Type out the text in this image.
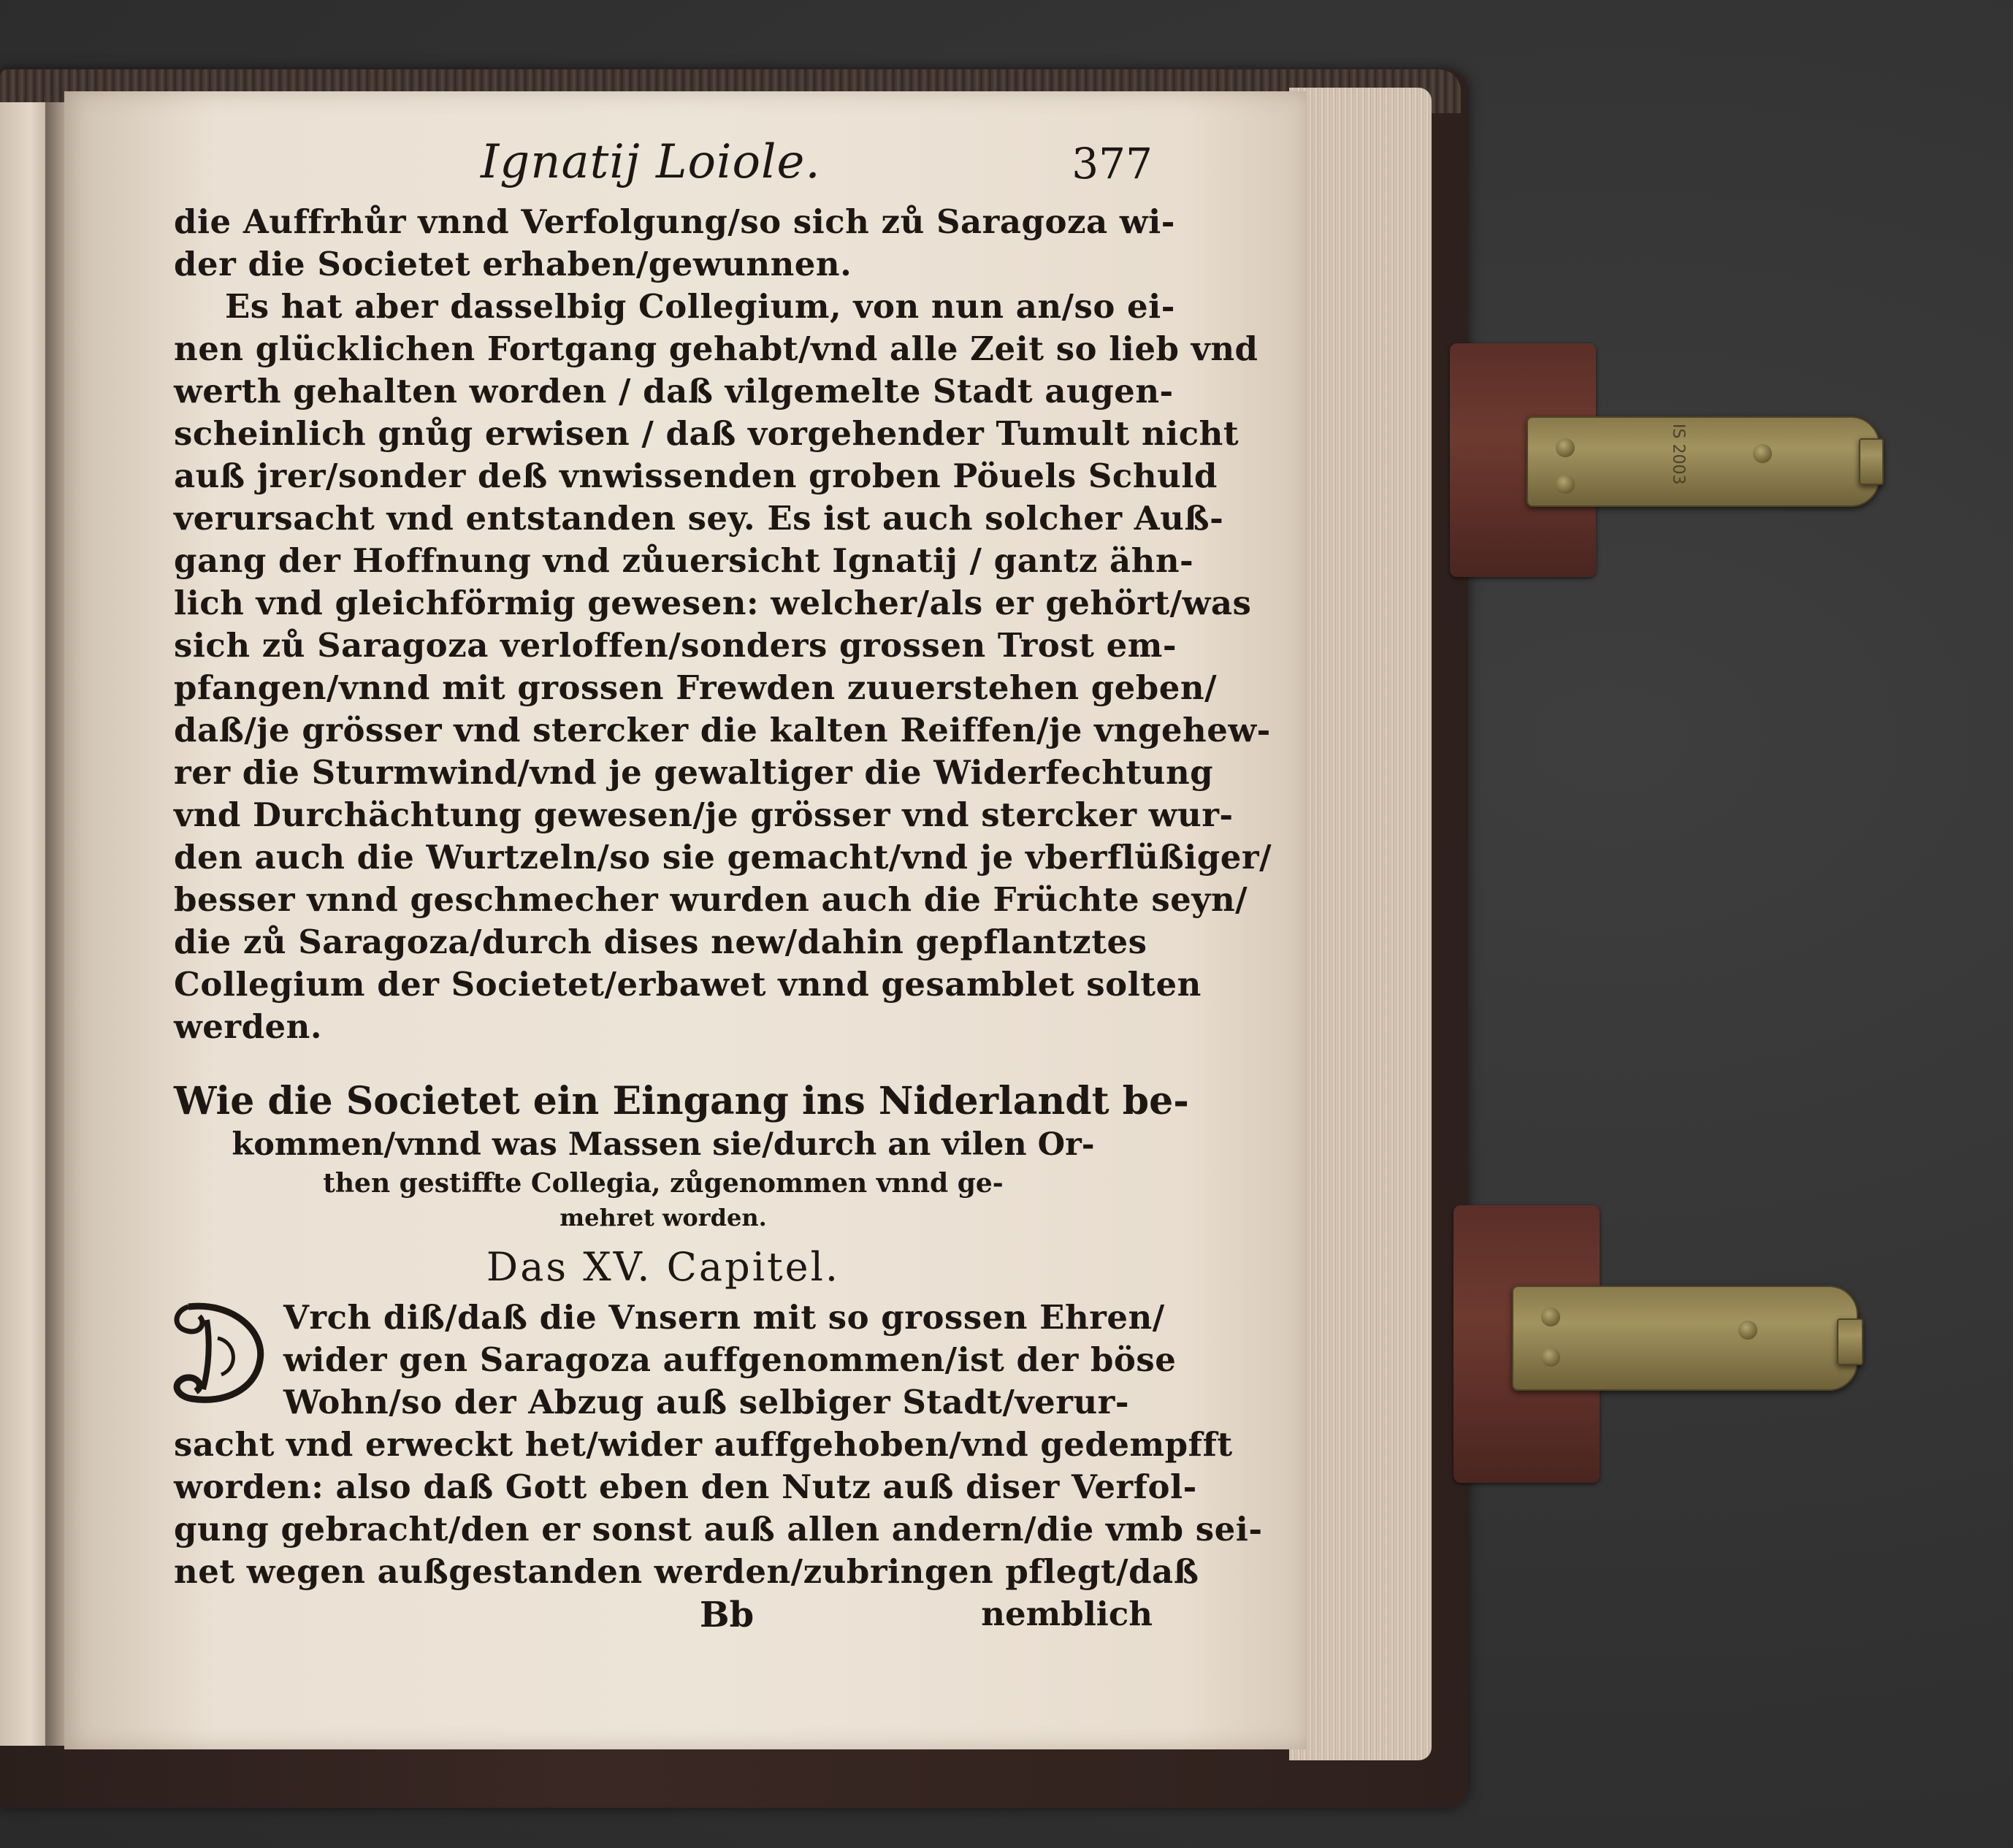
IS 2003
Ignatij Loiole.	377
die Auffrhůr vnnd Verfolgung/so sich zů Saragoza wi-
der die Societet erhaben/gewunnen.
Es hat aber dasselbig Collegium, von nun an/so ei-
nen glücklichen Fortgang gehabt/vnd alle Zeit so lieb vnd
werth gehalten worden / daß vilgemelte Stadt augen-
scheinlich gnůg erwisen / daß vorgehender Tumult nicht
auß jrer/sonder deß vnwissenden groben Pöuels Schuld
verursacht vnd entstanden sey. Es ist auch solcher Auß-
gang der Hoffnung vnd zůuersicht Ignatij / gantz ähn-
lich vnd gleichförmig gewesen: welcher/als er gehört/was
sich zů Saragoza verloffen/sonders grossen Trost em-
pfangen/vnnd mit grossen Frewden zuuerstehen geben/
daß/je grösser vnd stercker die kalten Reiffen/je vngehew-
rer die Sturmwind/vnd je gewaltiger die Widerfechtung
vnd Durchächtung gewesen/je grösser vnd stercker wur-
den auch die Wurtzeln/so sie gemacht/vnd je vberflüßiger/
besser vnnd geschmecher wurden auch die Früchte seyn/
die zů Saragoza/durch dises new/dahin gepflantztes
Collegium der Societet/erbawet vnnd gesamblet solten
werden.
Wie die Societet ein Eingang ins Niderlandt be-
kommen/vnnd was Massen sie/durch an vilen Or-
then gestiffte Collegia, zůgenommen vnnd ge-
mehret worden.
Das XV. Capitel.
Vrch diß/daß die Vnsern mit so grossen Ehren/
wider gen Saragoza auffgenommen/ist der böse
Wohn/so der Abzug auß selbiger Stadt/verur-
sacht vnd erweckt het/wider auffgehoben/vnd gedempfft
worden: also daß Gott eben den Nutz auß diser Verfol-
gung gebracht/den er sonst auß allen andern/die vmb sei-
net wegen außgestanden werden/zubringen pflegt/daß
Bb	nemblich
